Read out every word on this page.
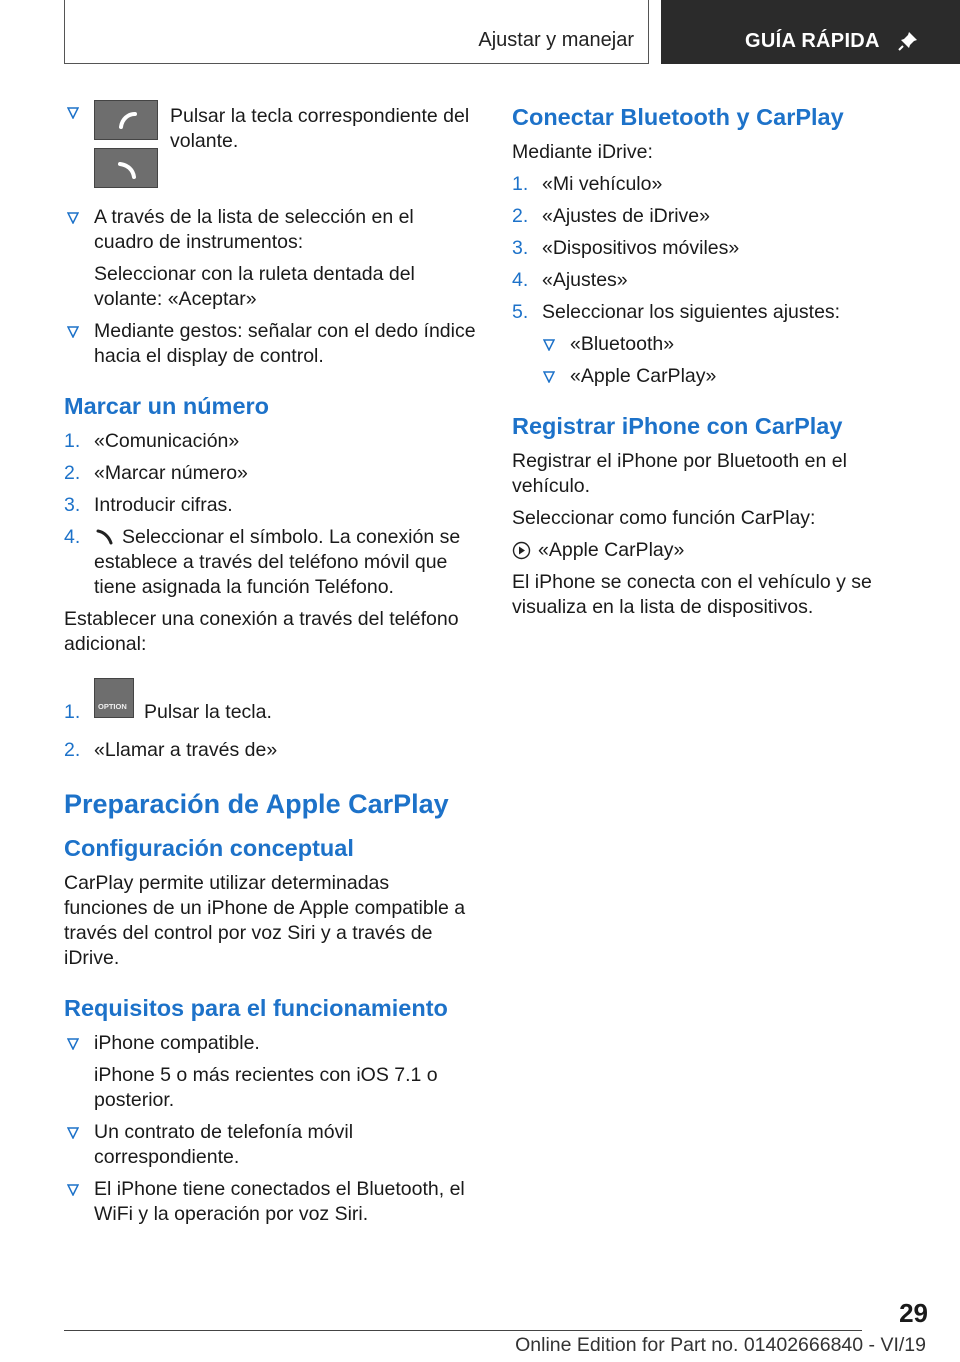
Ajustar y manejar	GUÍA RÁPIDA
Pulsar la tecla correspondiente del volante.
A través de la lista de selección en el cuadro de instrumentos:
Seleccionar con la ruleta dentada del volante: «Aceptar»
Mediante gestos: señalar con el dedo índice hacia el display de control.
Marcar un número
1. «Comunicación»
2. «Marcar número»
3. Introducir cifras.
4. Seleccionar el símbolo. La conexión se establece a través del teléfono móvil que tiene asignada la función Teléfono.
Establecer una conexión a través del teléfono adicional:
1. OPTION Pulsar la tecla.
2. «Llamar a través de»
Preparación de Apple CarPlay
Configuración conceptual
CarPlay permite utilizar determinadas funciones de un iPhone de Apple compatible a través del control por voz Siri y a través de iDrive.
Requisitos para el funcionamiento
iPhone compatible.
iPhone 5 o más recientes con iOS 7.1 o posterior.
Un contrato de telefonía móvil correspondiente.
El iPhone tiene conectados el Bluetooth, el WiFi y la operación por voz Siri.
Conectar Bluetooth y CarPlay
Mediante iDrive:
1. «Mi vehículo»
2. «Ajustes de iDrive»
3. «Dispositivos móviles»
4. «Ajustes»
5. Seleccionar los siguientes ajustes:
«Bluetooth»
«Apple CarPlay»
Registrar iPhone con CarPlay
Registrar el iPhone por Bluetooth en el vehículo.
Seleccionar como función CarPlay:
«Apple CarPlay»
El iPhone se conecta con el vehículo y se visualiza en la lista de dispositivos.
29
Online Edition for Part no. 01402666840 - VI/19
